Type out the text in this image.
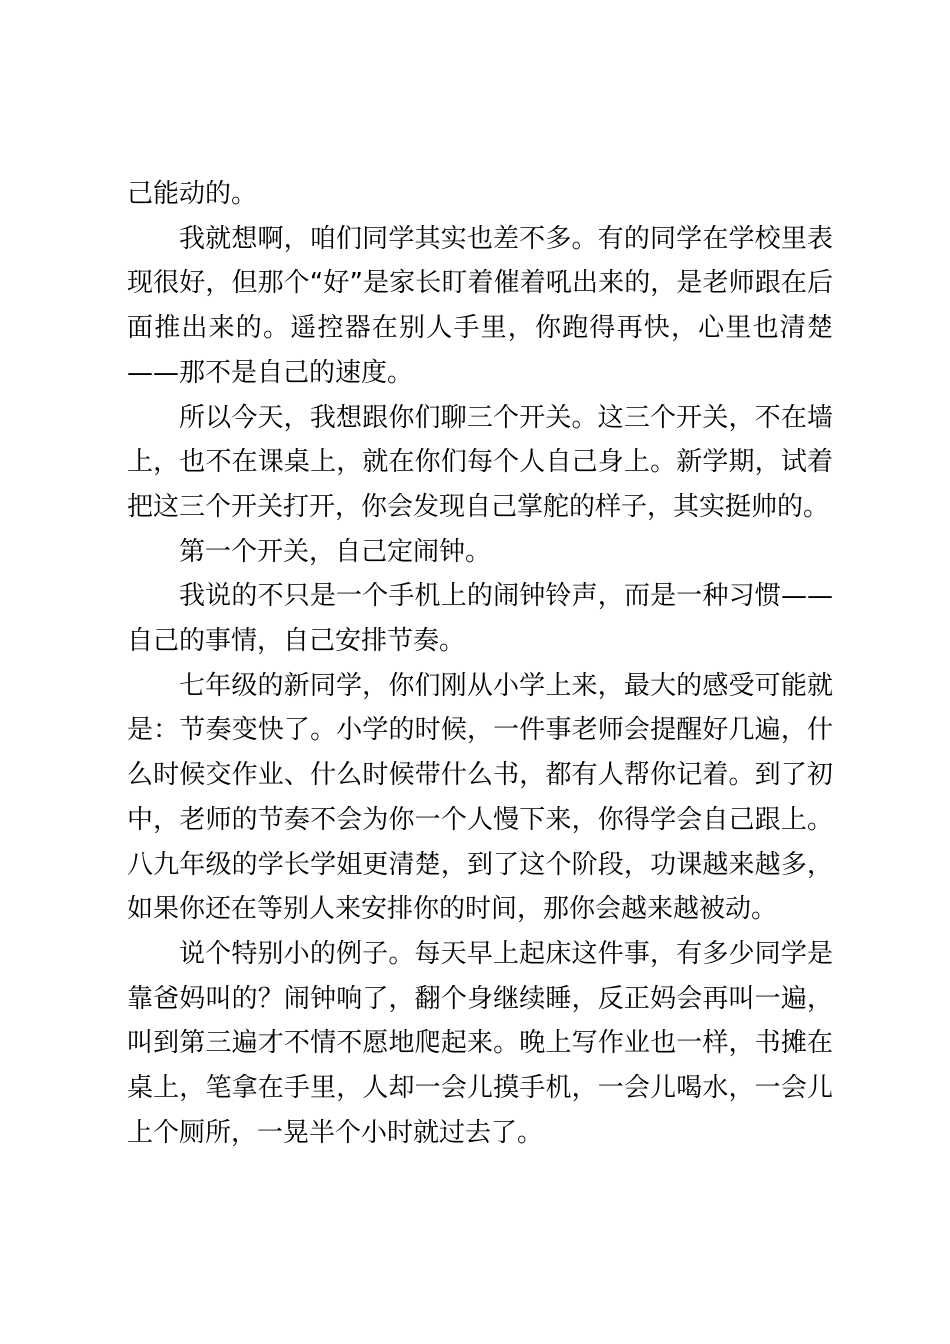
己能动的。

我就想啊，咱们同学其实也差不多。有的同学在学校里表现很好，但那个“好”是家长盯着催着吼出来的，是老师跟在后面推出来的。遥控器在别人手里，你跑得再快，心里也清楚——那不是自己的速度。

所以今天，我想跟你们聊三个开关。这三个开关，不在墙上，也不在课桌上，就在你们每个人自己身上。新学期，试着把这三个开关打开，你会发现自己掌舵的样子，其实挺帅的。

第一个开关，自己定闹钟。

我说的不只是一个手机上的闹钟铃声，而是一种习惯——自己的事情，自己安排节奏。

七年级的新同学，你们刚从小学上来，最大的感受可能就是：节奏变快了。小学的时候，一件事老师会提醒好几遍，什么时候交作业、什么时候带什么书，都有人帮你记着。到了初中，老师的节奏不会为你一个人慢下来，你得学会自己跟上。八九年级的学长学姐更清楚，到了这个阶段，功课越来越多，如果你还在等别人来安排你的时间，那你会越来越被动。

说个特别小的例子。每天早上起床这件事，有多少同学是靠爸妈叫的？闹钟响了，翻个身继续睡，反正妈会再叫一遍，叫到第三遍才不情不愿地爬起来。晚上写作业也一样，书摊在桌上，笔拿在手里，人却一会儿摸手机，一会儿喝水，一会儿上个厕所，一晃半个小时就过去了。
